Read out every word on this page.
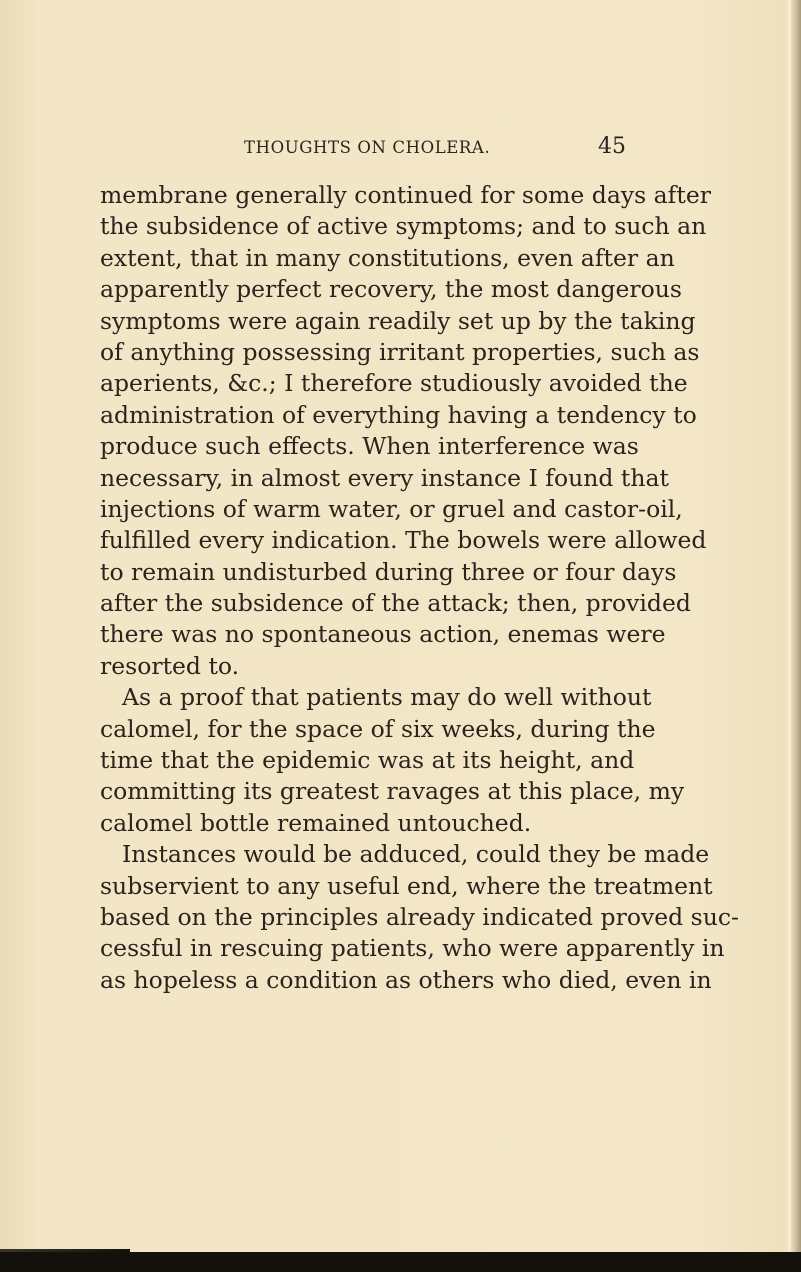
THOUGHTS ON CHOLERA.	45
membrane generally continued for some days after
the subsidence of active symptoms; and to such an
extent, that in many constitutions, even after an
apparently perfect recovery, the most dangerous
symptoms were again readily set up by the taking
of anything possessing irritant properties, such as
aperients, &c.; I therefore studiously avoided the
administration of everything having a tendency to
produce such effects. When interference was
necessary, in almost every instance I found that
injections of warm water, or gruel and castor-oil,
fulfilled every indication. The bowels were allowed
to remain undisturbed during three or four days
after the subsidence of the attack; then, provided
there was no spontaneous action, enemas were
resorted to.
As a proof that patients may do well without
calomel, for the space of six weeks, during the
time that the epidemic was at its height, and
committing its greatest ravages at this place, my
calomel bottle remained untouched.
Instances would be adduced, could they be made
subservient to any useful end, where the treatment
based on the principles already indicated proved suc-
cessful in rescuing patients, who were apparently in
as hopeless a condition as others who died, even in
